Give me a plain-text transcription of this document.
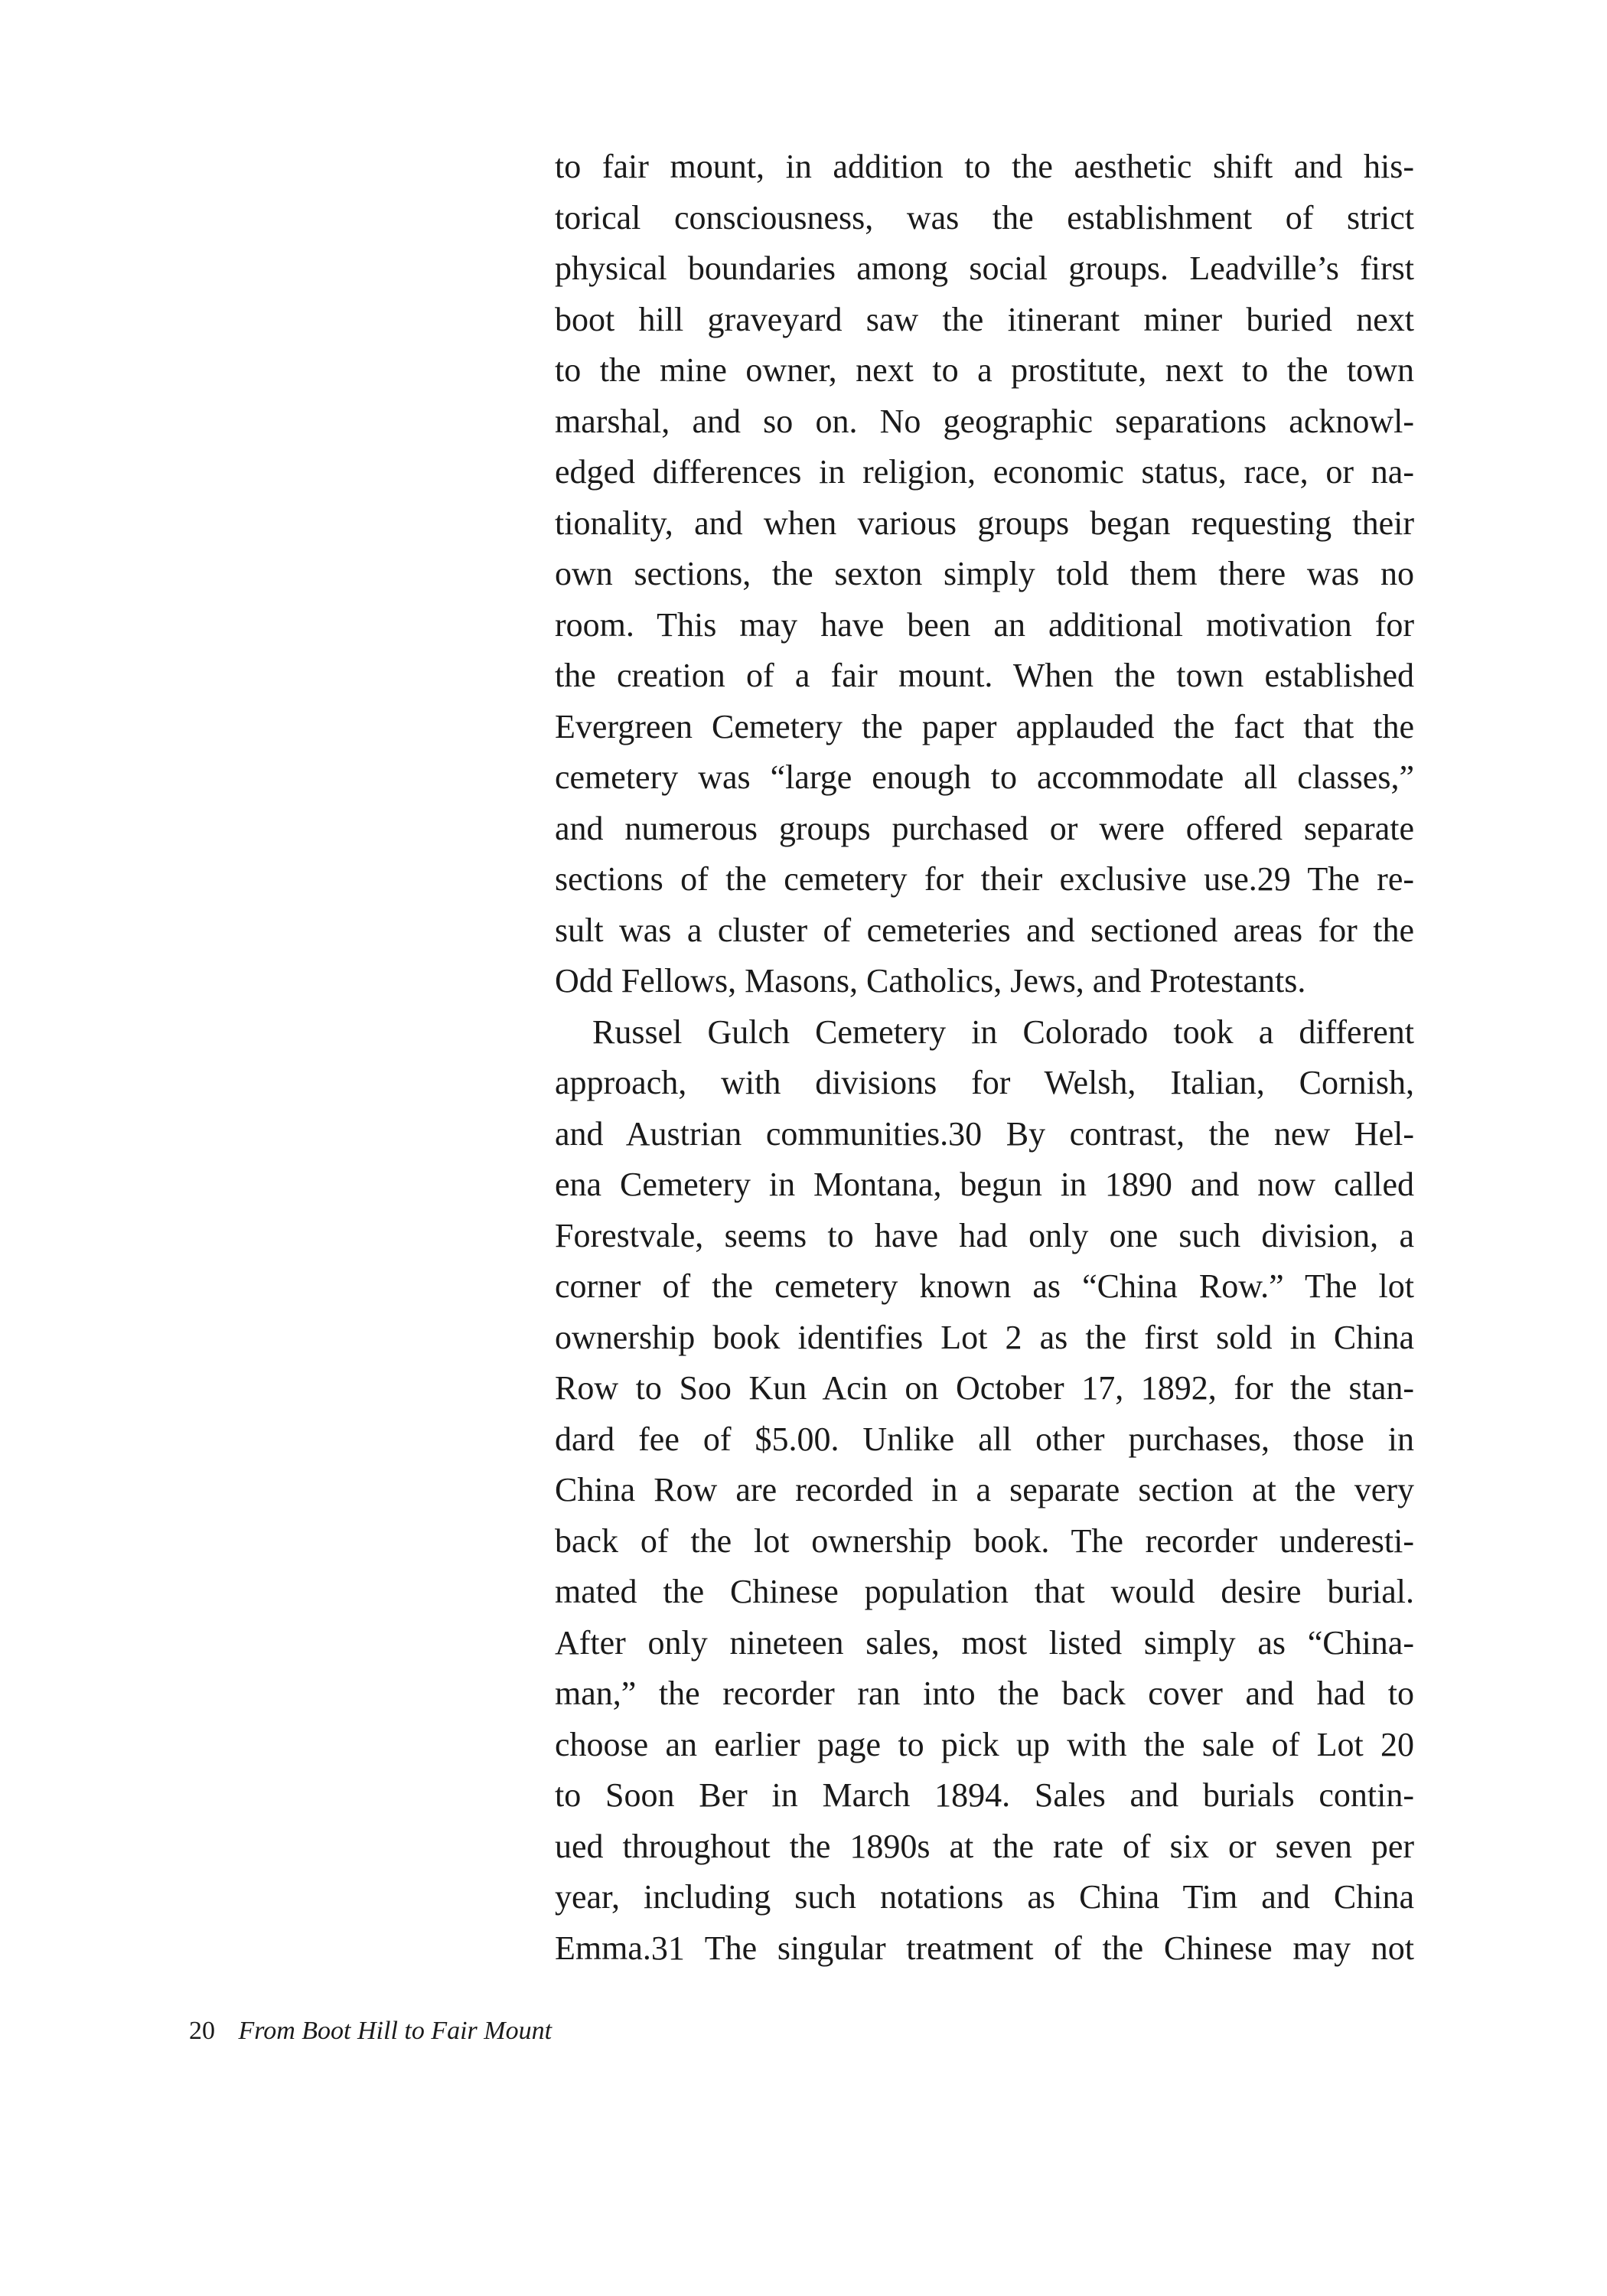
to fair mount, in addition to the aesthetic shift and his-
torical consciousness, was the establishment of strict
physical boundaries among social groups. Leadville’s first
boot hill graveyard saw the itinerant miner buried next
to the mine owner, next to a prostitute, next to the town
marshal, and so on. No geographic separations acknowl-
edged differences in religion, economic status, race, or na-
tionality, and when various groups began requesting their
own sections, the sexton simply told them there was no
room. This may have been an additional motivation for
the creation of a fair mount. When the town established
Evergreen Cemetery the paper applauded the fact that the
cemetery was “large enough to accommodate all classes,”
and numerous groups purchased or were offered separate
sections of the cemetery for their exclusive use.29 The re-
sult was a cluster of cemeteries and sectioned areas for the
Odd Fellows, Masons, Catholics, Jews, and Protestants.
Russel Gulch Cemetery in Colorado took a different
approach, with divisions for Welsh, Italian, Cornish,
and Austrian communities.30 By contrast, the new Hel-
ena Cemetery in Montana, begun in 1890 and now called
Forestvale, seems to have had only one such division, a
corner of the cemetery known as “China Row.” The lot
ownership book identifies Lot 2 as the first sold in China
Row to Soo Kun Acin on October 17, 1892, for the stan-
dard fee of $5.00. Unlike all other purchases, those in
China Row are recorded in a separate section at the very
back of the lot ownership book. The recorder underesti-
mated the Chinese population that would desire burial.
After only nineteen sales, most listed simply as “China-
man,” the recorder ran into the back cover and had to
choose an earlier page to pick up with the sale of Lot 20
to Soon Ber in March 1894. Sales and burials contin-
ued throughout the 1890s at the rate of six or seven per
year, including such notations as China Tim and China
Emma.31 The singular treatment of the Chinese may not
20 From Boot Hill to Fair Mount
